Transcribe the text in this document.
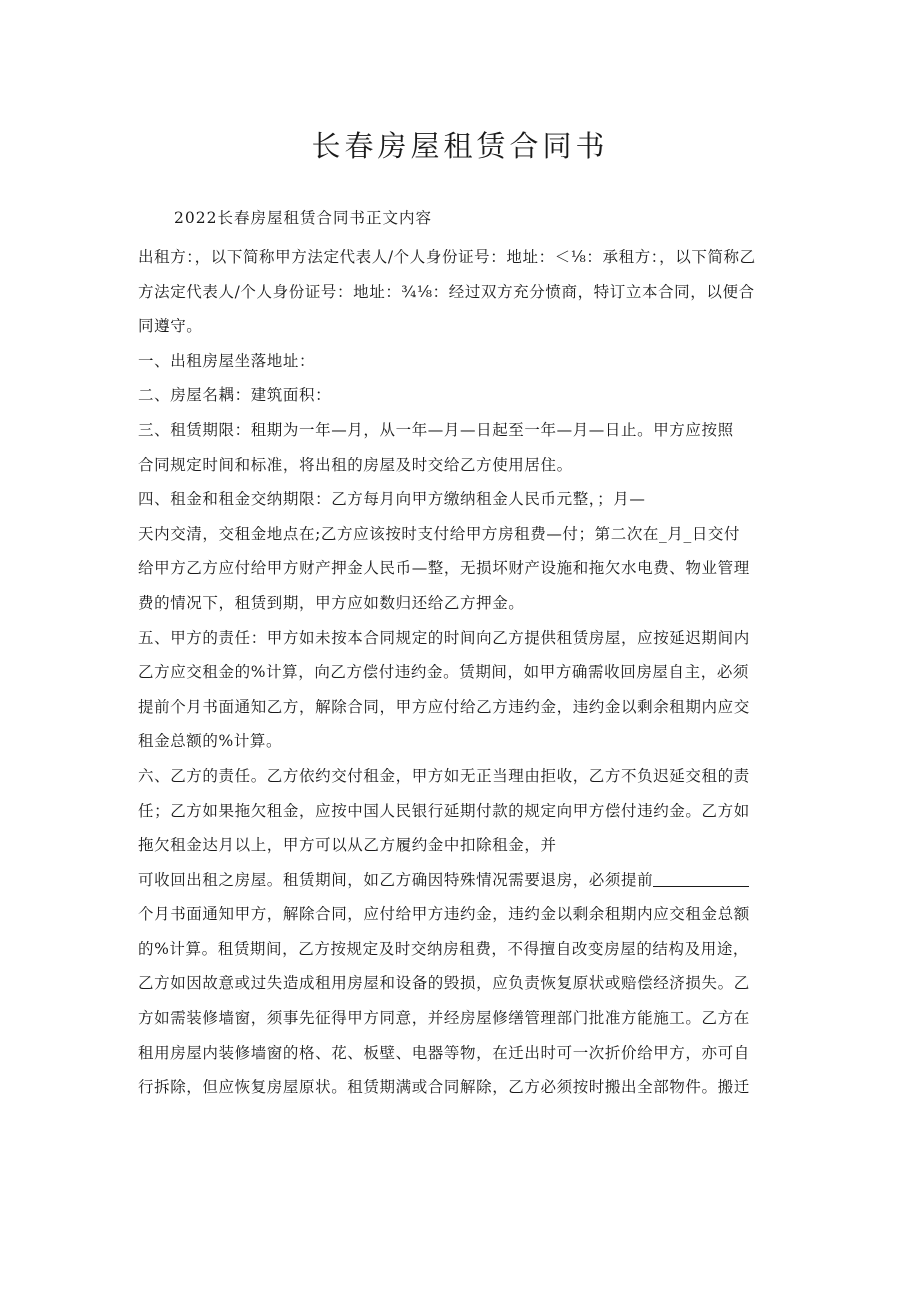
长春房屋租赁合同书

2022长春房屋租赁合同书正文内容

出租方：，以下简称甲方法定代表人/个人身份证号：地址：＜⅛：承租方：，以下简称乙
方法定代表人/个人身份证号：地址：¾⅛：经过双方充分愤商，特订立本合同，以便合
同遵守。
一、出租房屋坐落地址：
二、房屋名耦：建筑面积：
三、租赁期限：租期为一年—月，从一年—月—日起至一年—月—日止。甲方应按照
合同规定时间和标准，将出租的房屋及时交给乙方使用居住。
四、租金和租金交纳期限：乙方每月向甲方缴纳租金人民币元整，；月—
天内交清，交租金地点在;乙方应该按时支付给甲方房租费—付；第二次在_月_日交付
给甲方乙方应付给甲方财产押金人民币—整，无损坏财产设施和拖欠水电费、物业管理
费的情况下，租赁到期，甲方应如数归还给乙方押金。
五、甲方的责任：甲方如未按本合同规定的时间向乙方提供租赁房屋，应按延迟期间内
乙方应交租金的%计算，向乙方偿付违约金。赁期间，如甲方确需收回房屋自主，必须
提前个月书面通知乙方，解除合同，甲方应付给乙方违约金，违约金以剩余租期内应交
租金总额的%计算。
六、乙方的责任。乙方依约交付租金，甲方如无正当理由拒收，乙方不负迟延交租的责
任；乙方如果拖欠租金，应按中国人民银行延期付款的规定向甲方偿付违约金。乙方如
拖欠租金达月以上，甲方可以从乙方履约金中扣除租金，并
可收回出租之房屋。租赁期间，如乙方确因特殊情况需要退房，必须提前
个月书面通知甲方，解除合同，应付给甲方违约金，违约金以剩余租期内应交租金总额
的%计算。租赁期间，乙方按规定及时交纳房租费，不得擅自改变房屋的结构及用途，
乙方如因故意或过失造成租用房屋和设备的毁损，应负责恢复原状或赔偿经济损失。乙
方如需装修墙窗，须事先征得甲方同意，并经房屋修缮管理部门批准方能施工。乙方在
租用房屋内装修墙窗的格、花、板壁、电器等物，在迁出时可一次折价给甲方，亦可自
行拆除，但应恢复房屋原状。租赁期满或合同解除，乙方必须按时搬出全部物件。搬迁
